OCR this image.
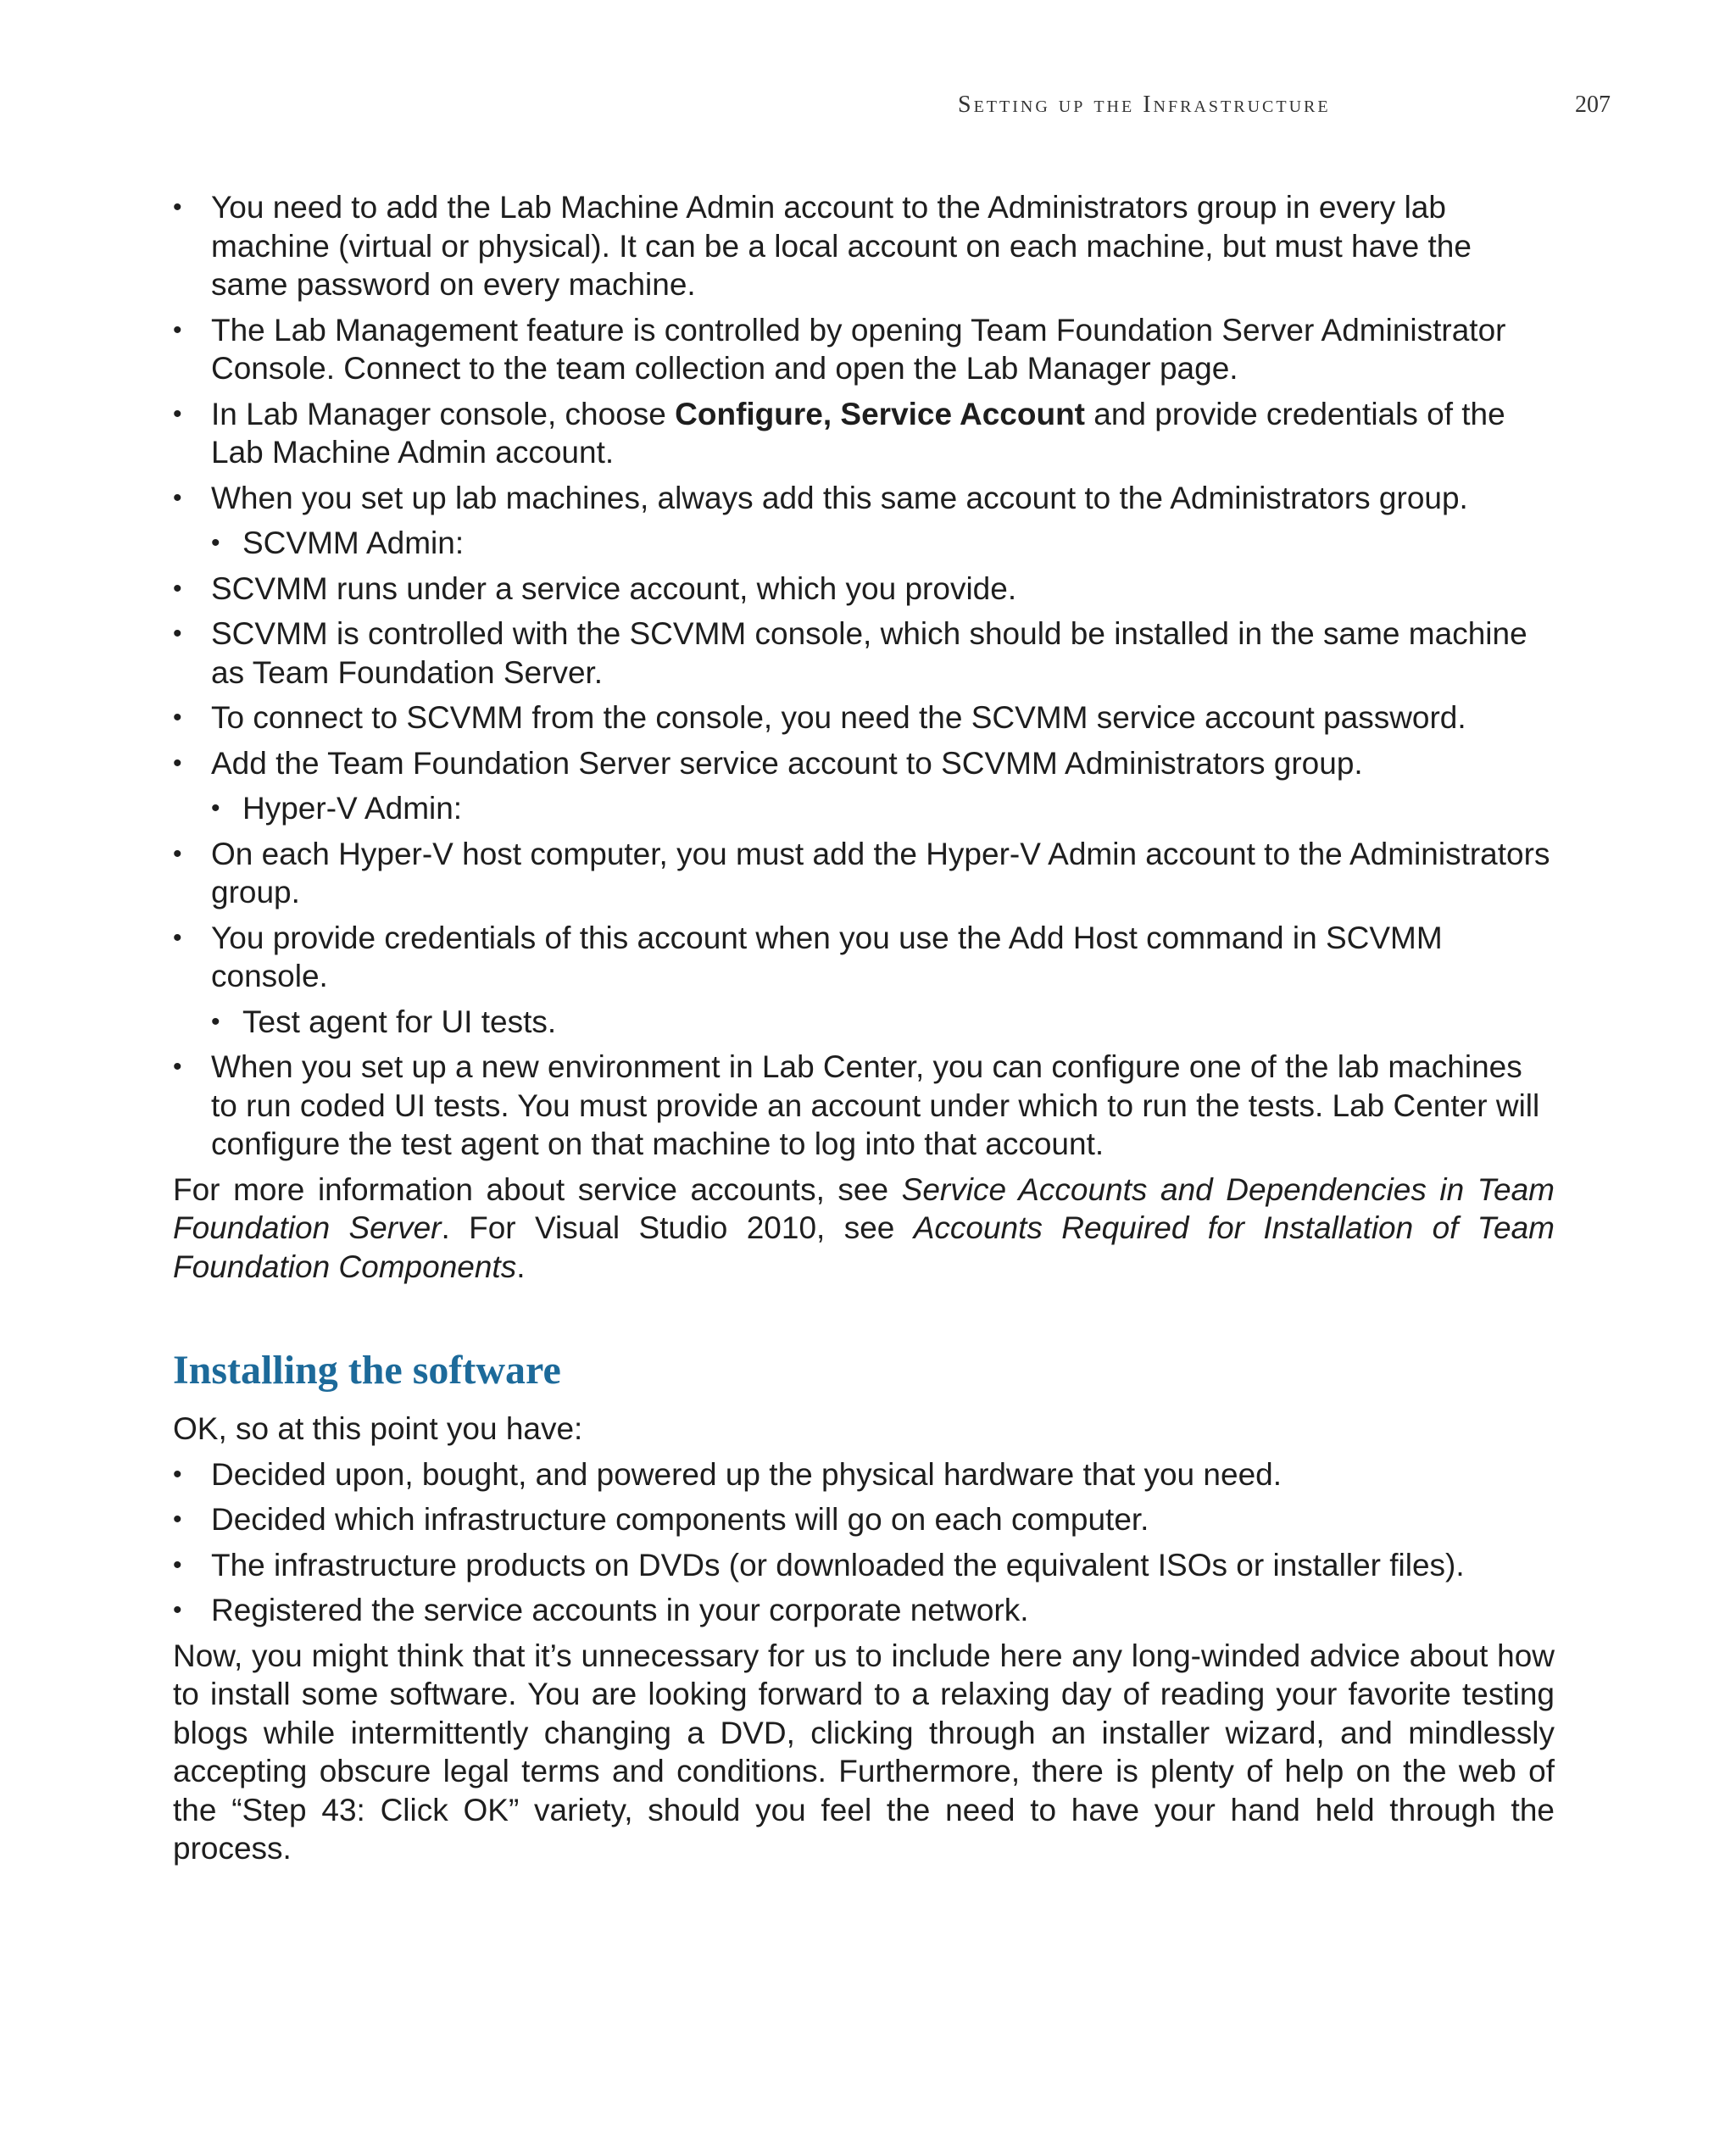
Setting up the Infrastructure	207
• You need to add the Lab Machine Admin account to the Administrators group in every lab machine (virtual or physical). It can be a local account on each machine, but must have the same password on every machine.
• The Lab Management feature is controlled by opening Team Foundation Server Administrator Console. Connect to the team collection and open the Lab Manager page.
• In Lab Manager console, choose Configure, Service Account and provide credentials of the Lab Machine Admin account.
• When you set up lab machines, always add this same account to the Administrators group.
• SCVMM Admin:
• SCVMM runs under a service account, which you provide.
• SCVMM is controlled with the SCVMM console, which should be installed in the same machine as Team Foundation Server.
• To connect to SCVMM from the console, you need the SCVMM service account password.
• Add the Team Foundation Server service account to SCVMM Administrators group.
• Hyper-V Admin:
• On each Hyper-V host computer, you must add the Hyper-V Admin account to the Administrators group.
• You provide credentials of this account when you use the Add Host command in SCVMM console.
• Test agent for UI tests.
• When you set up a new environment in Lab Center, you can configure one of the lab machines to run coded UI tests. You must provide an account under which to run the tests. Lab Center will configure the test agent on that machine to log into that account.

For more information about service accounts, see Service Accounts and Dependencies in Team Foundation Server. For Visual Studio 2010, see Accounts Required for Installation of Team Foundation Components.

Installing the software

OK, so at this point you have:

• Decided upon, bought, and powered up the physical hardware that you need.
• Decided which infrastructure components will go on each computer.
• The infrastructure products on DVDs (or downloaded the equivalent ISOs or installer files).
• Registered the service accounts in your corporate network.

Now, you might think that it’s unnecessary for us to include here any long-winded advice about how to install some software. You are looking forward to a relaxing day of reading your favorite testing blogs while intermittently changing a DVD, clicking through an installer wizard, and mindlessly accepting obscure legal terms and conditions. Furthermore, there is plenty of help on the web of the “Step 43: Click OK” variety, should you feel the need to have your hand held through the process.
